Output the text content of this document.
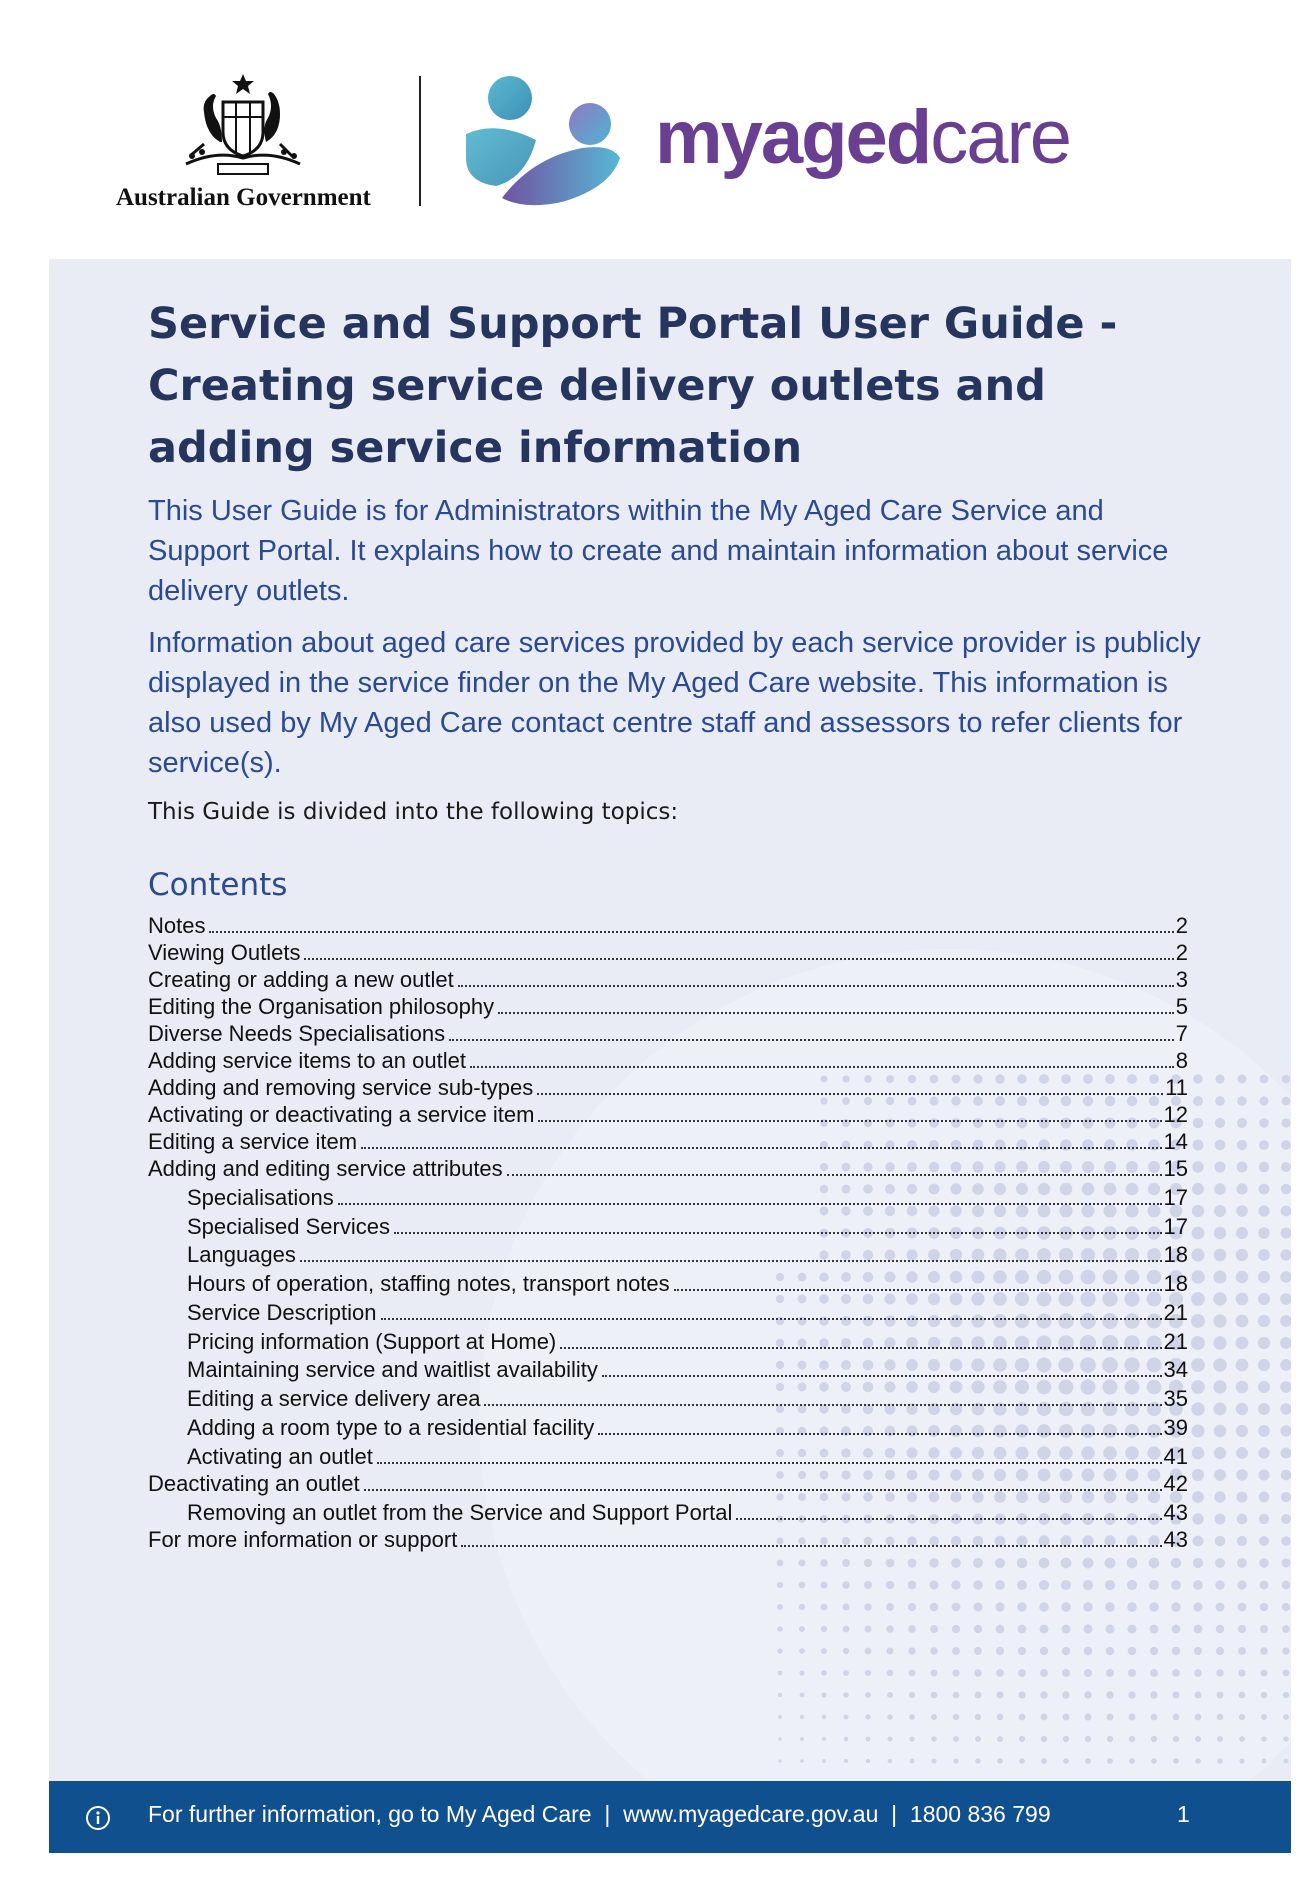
Australian Government
myagedcare
Service and Support Portal User Guide - Creating service delivery outlets and adding service information

This User Guide is for Administrators within the My Aged Care Service and Support Portal. It explains how to create and maintain information about service delivery outlets.

Information about aged care services provided by each service provider is publicly displayed in the service finder on the My Aged Care website. This information is also used by My Aged Care contact centre staff and assessors to refer clients for service(s).

This Guide is divided into the following topics:

Contents
Notes	2
Viewing Outlets	2
Creating or adding a new outlet	3
Editing the Organisation philosophy	5
Diverse Needs Specialisations	7
Adding service items to an outlet	8
Adding and removing service sub-types	11
Activating or deactivating a service item	12
Editing a service item	14
Adding and editing service attributes	15
Specialisations	17
Specialised Services	17
Languages	18
Hours of operation, staffing notes, transport notes	18
Service Description	21
Pricing information (Support at Home)	21
Maintaining service and waitlist availability	34
Editing a service delivery area	35
Adding a room type to a residential facility	39
Activating an outlet	41
Deactivating an outlet	42
Removing an outlet from the Service and Support Portal	43
For more information or support	43
For further information, go to My Aged Care  |  www.myagedcare.gov.au  |  1800 836 799	1
